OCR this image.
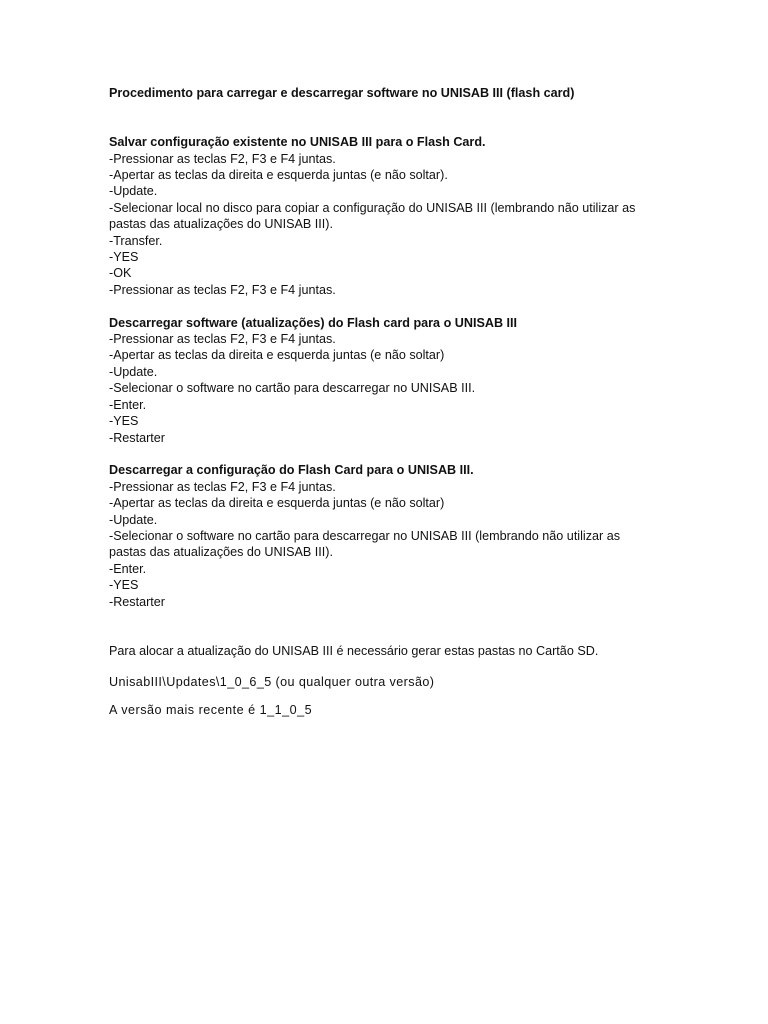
Procedimento para carregar e descarregar software no UNISAB III (flash card)

Salvar configuração existente no UNISAB III para o Flash Card.

-Pressionar as teclas F2, F3 e F4 juntas.

-Apertar as teclas da direita e esquerda juntas (e não soltar).

-Update.

-Selecionar local no disco para copiar a configuração do UNISAB III (lembrando não utilizar as

pastas das atualizações do UNISAB III).

-Transfer.

-YES

-OK

-Pressionar as teclas F2, F3 e F4 juntas.

Descarregar software (atualizações) do Flash card para o UNISAB III

-Pressionar as teclas F2, F3 e F4 juntas.

-Apertar as teclas da direita e esquerda juntas (e não soltar)

-Update.

-Selecionar o software no cartão para descarregar no UNISAB III.

-Enter.

-YES

-Restarter

Descarregar a configuração do Flash Card para o UNISAB III.

-Pressionar as teclas F2, F3 e F4 juntas.

-Apertar as teclas da direita e esquerda juntas (e não soltar)

-Update.

-Selecionar o software no cartão para descarregar no UNISAB III (lembrando não utilizar as

pastas das atualizações do UNISAB III).

-Enter.

-YES

-Restarter

Para alocar a atualização do UNISAB III é necessário gerar estas pastas no Cartão SD.

UnisabIII\Updates\1_0_6_5 (ou qualquer outra versão)

A versão mais recente é 1_1_0_5
